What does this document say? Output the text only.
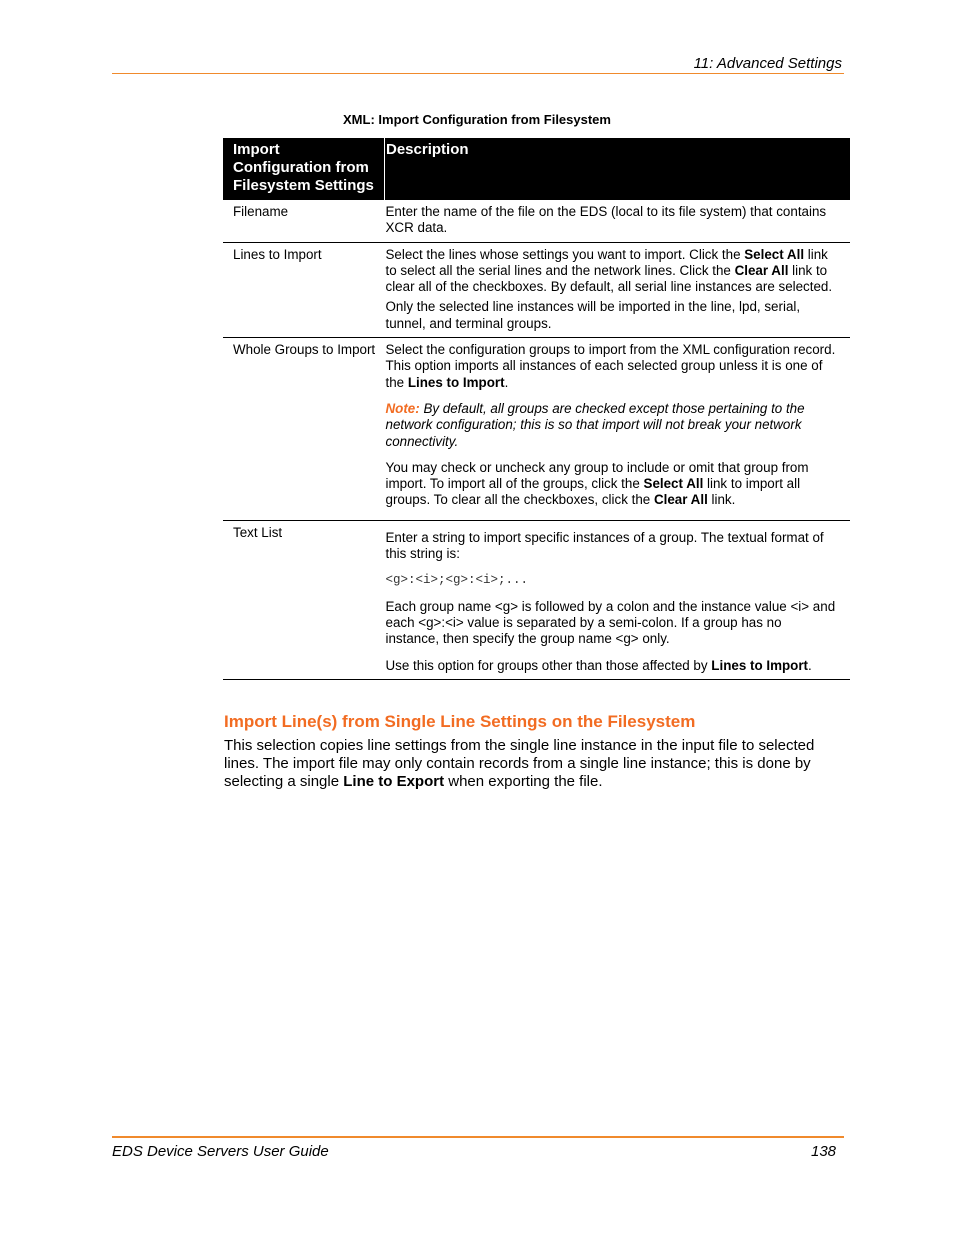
11: Advanced Settings
XML: Import Configuration from Filesystem
Import Configuration from Filesystem Settings	Description
Filename	Enter the name of the file on the EDS (local to its file system) that contains XCR data.

Lines to Import	Select the lines whose settings you want to import. Click the Select All link to select all the serial lines and the network lines. Click the Clear All link to clear all of the checkboxes. By default, all serial line instances are selected.

Only the selected line instances will be imported in the line, lpd, serial, tunnel, and terminal groups.

Whole Groups to Import	Select the configuration groups to import from the XML configuration record. This option imports all instances of each selected group unless it is one of the Lines to Import.

Note: By default, all groups are checked except those pertaining to the network configuration; this is so that import will not break your network connectivity.

You may check or uncheck any group to include or omit that group from import. To import all of the groups, click the Select All link to import all groups. To clear all the checkboxes, click the Clear All link.

Text List	Enter a string to import specific instances of a group. The textual format of this string is:

<g>:<i>;<g>:<i>;...

Each group name <g> is followed by a colon and the instance value <i> and each <g>:<i> value is separated by a semi-colon. If a group has no instance, then specify the group name <g> only.

Use this option for groups other than those affected by Lines to Import.

Import Line(s) from Single Line Settings on the Filesystem

This selection copies line settings from the single line instance in the input file to selected lines. The import file may only contain records from a single line instance; this is done by selecting a single Line to Export when exporting the file.

EDS Device Servers User Guide	138
